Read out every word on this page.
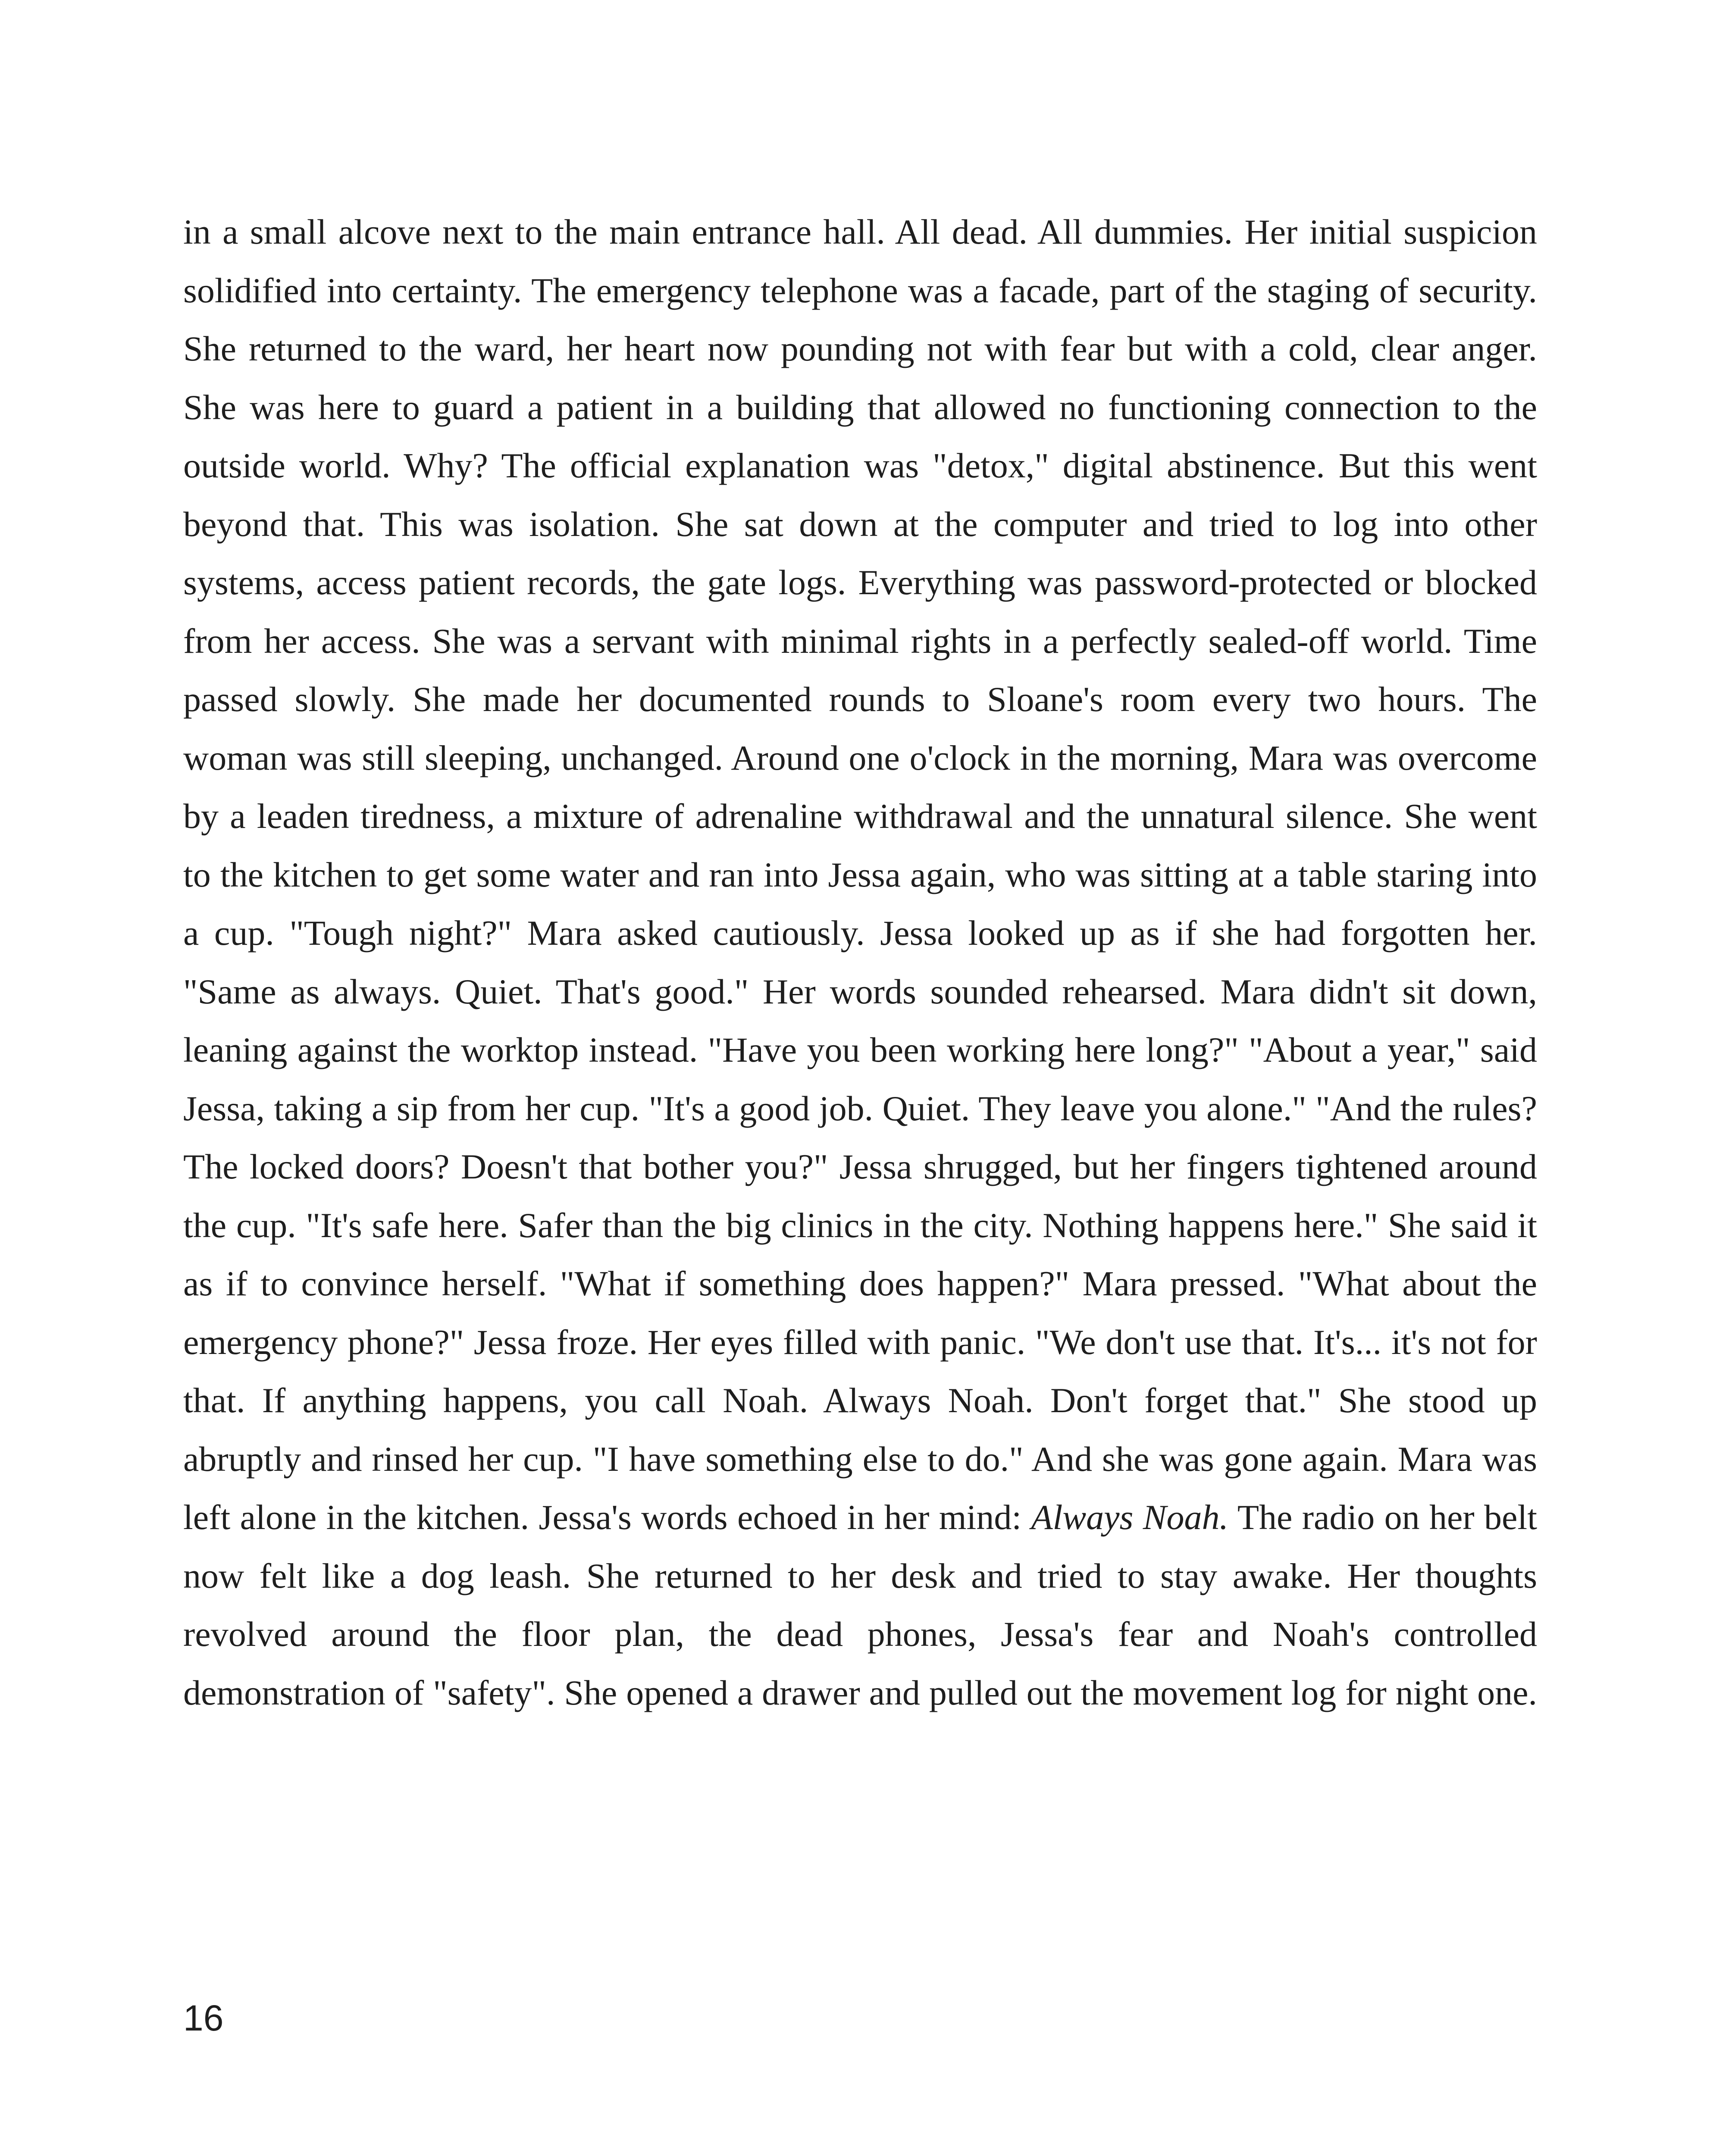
in a small alcove next to the main entrance hall. All dead. All dummies. Her initial suspicion solidified into certainty. The emergency telephone was a facade, part of the staging of security. She returned to the ward, her heart now pounding not with fear but with a cold, clear anger. She was here to guard a patient in a building that allowed no functioning connection to the outside world. Why? The official explanation was "detox," digital abstinence. But this went beyond that. This was isolation. She sat down at the computer and tried to log into other systems, access patient records, the gate logs. Everything was password-protected or blocked from her access. She was a servant with minimal rights in a perfectly sealed-off world. Time passed slowly. She made her documented rounds to Sloane's room every two hours. The woman was still sleeping, unchanged. Around one o'clock in the morning, Mara was overcome by a leaden tiredness, a mixture of adrenaline withdrawal and the unnatural silence. She went to the kitchen to get some water and ran into Jessa again, who was sitting at a table staring into a cup. "Tough night?" Mara asked cautiously. Jessa looked up as if she had forgotten her. "Same as always. Quiet. That's good." Her words sounded rehearsed. Mara didn't sit down, leaning against the worktop instead. "Have you been working here long?" "About a year," said Jessa, taking a sip from her cup. "It's a good job. Quiet. They leave you alone." "And the rules? The locked doors? Doesn't that bother you?" Jessa shrugged, but her fingers tightened around the cup. "It's safe here. Safer than the big clinics in the city. Nothing happens here." She said it as if to convince herself. "What if something does happen?" Mara pressed. "What about the emergency phone?" Jessa froze. Her eyes filled with panic. "We don't use that. It's... it's not for that. If anything happens, you call Noah. Always Noah. Don't forget that." She stood up abruptly and rinsed her cup. "I have something else to do." And she was gone again. Mara was left alone in the kitchen. Jessa's words echoed in her mind: Always Noah. The radio on her belt now felt like a dog leash. She returned to her desk and tried to stay awake. Her thoughts revolved around the floor plan, the dead phones, Jessa's fear and Noah's controlled demonstration of "safety". She opened a drawer and pulled out the movement log for night one.

16
